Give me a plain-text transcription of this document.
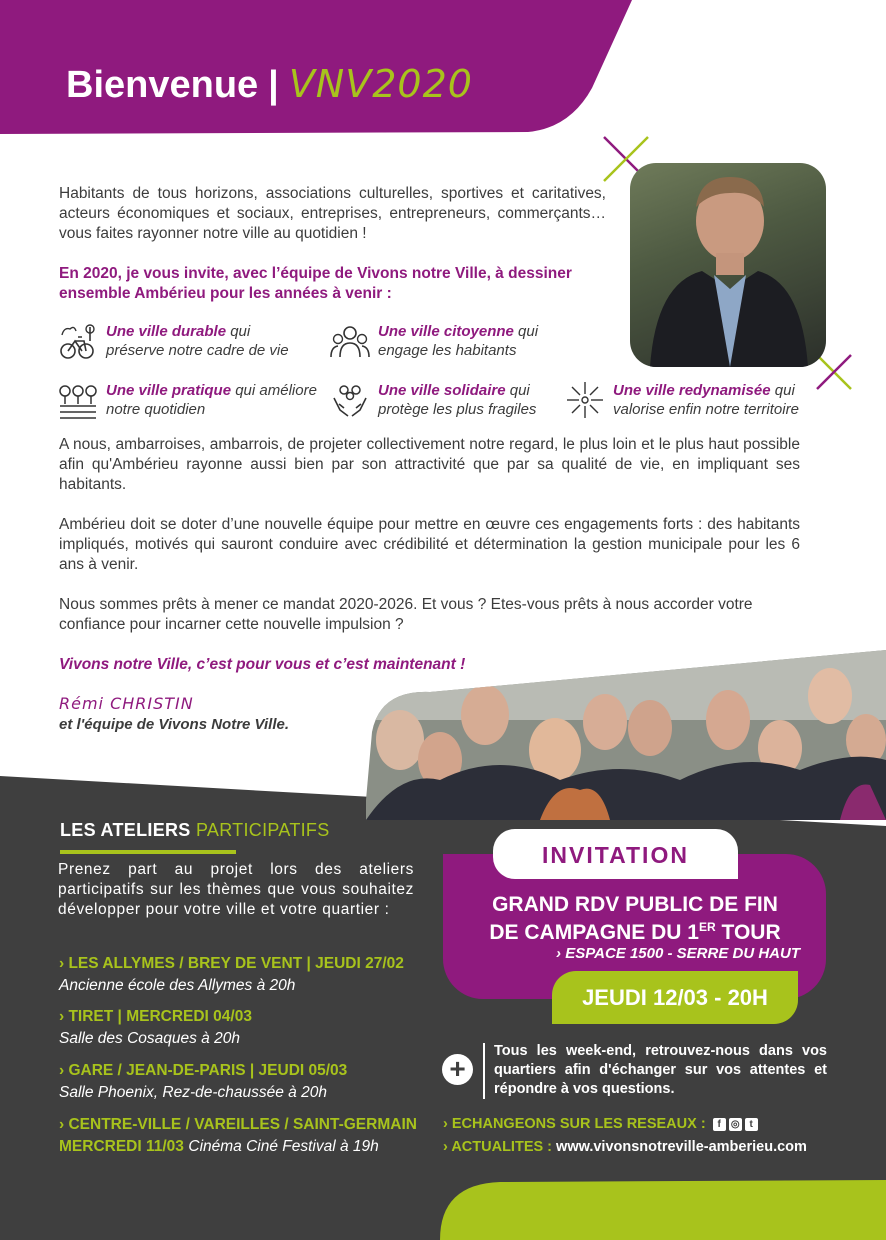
Bienvenue | VNV2020
Habitants de tous horizons, associations culturelles, sportives et caritatives, acteurs économiques et sociaux, entreprises, entrepreneurs, commerçants… vous faites rayonner notre ville au quotidien !
En 2020, je vous invite, avec l’équipe de Vivons notre Ville, à dessiner ensemble Ambérieu pour les années à venir :
Une ville durable qui
préserve notre cadre de vie
Une ville citoyenne qui
engage les habitants
Une ville pratique qui améliore
notre quotidien
Une ville solidaire qui
protège les plus fragiles
Une ville redynamisée qui
valorise enfin notre territoire
A nous, ambarroises, ambarrois, de projeter collectivement notre regard, le plus loin et le plus haut possible afin qu'Ambérieu rayonne aussi bien par son attractivité que par sa qualité de vie, en impliquant ses habitants.
Ambérieu doit se doter d’une nouvelle équipe pour mettre en œuvre ces engagements forts : des habitants impliqués, motivés qui sauront conduire avec crédibilité et détermination la gestion municipale pour les 6 ans à venir.
Nous sommes prêts à mener ce mandat 2020-2026. Et vous ? Etes-vous prêts à nous accorder votre confiance pour incarner cette nouvelle impulsion ?
Vivons notre Ville, c’est pour vous et c’est maintenant !
Rémi CHRISTIN
et l'équipe de Vivons Notre Ville.
LES ATELIERS PARTICIPATIFS
Prenez part au projet lors des ateliers participatifs sur les thèmes que vous souhaitez développer pour votre ville et votre quartier :
› LES ALLYMES / BREY DE VENT | JEUDI 27/02
Ancienne école des Allymes à 20h
› TIRET | MERCREDI 04/03
Salle des Cosaques à 20h
› GARE / JEAN-DE-PARIS | JEUDI 05/03
Salle Phoenix, Rez-de-chaussée à 20h
› CENTRE-VILLE / VAREILLES / SAINT-GERMAIN
MERCREDI 11/03 Cinéma Ciné Festival à 19h
INVITATION
GRAND RDV PUBLIC DE FIN
DE CAMPAGNE DU 1ER TOUR
› ESPACE 1500 - SERRE DU HAUT
JEUDI 12/03 - 20H
+
Tous les week-end, retrouvez-nous dans vos quartiers afin d'échanger sur vos attentes et répondre à vos questions.
› ECHANGEONS SUR LES RESEAUX : f ◎ t
› ACTUALITES : www.vivonsnotreville-amberieu.com
